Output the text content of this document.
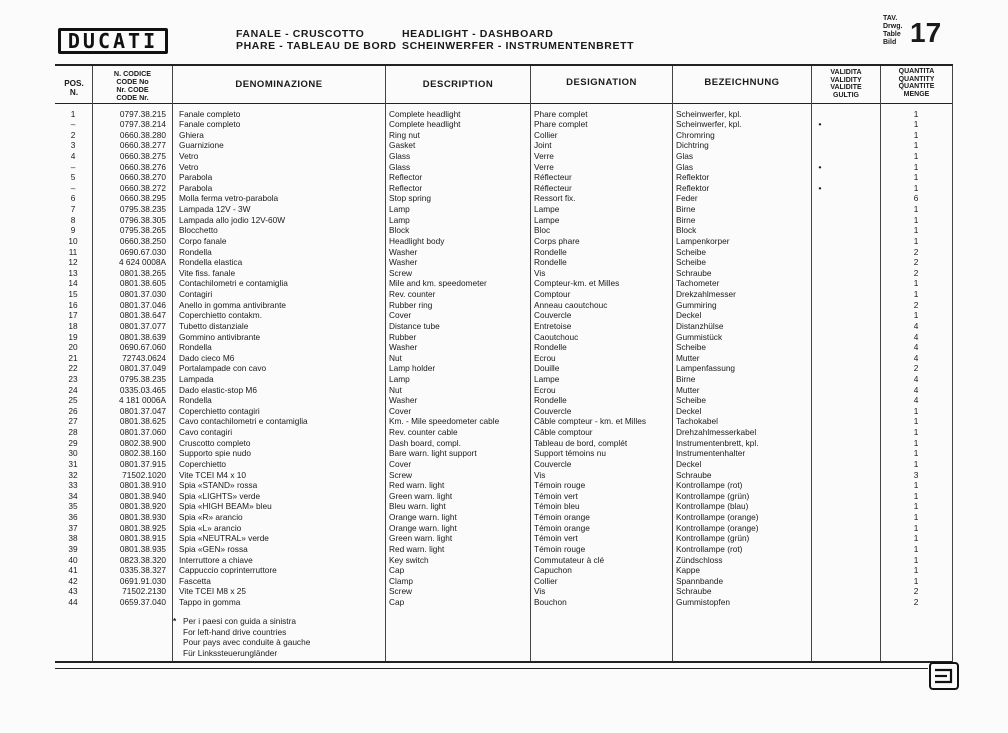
DUCATI	FANALE - CRUSCOTTO
PHARE - TABLEAU DE BORD
HEADLIGHT - DASHBOARD
SCHEINWERFER - INSTRUMENTENBRETT
TAV.
Drwg.
Table
Bild 17
POS.
N.
N. CODICE
CODE No
Nr. CODE
CODE Nr.
DENOMINAZIONE	DESCRIPTION	DESIGNATION	BEZEICHNUNG
VALIDITA
VALIDITY
VALIDITE
GULTIG
QUANTITA
QUANTITY
QUANTITE
MENGE
1	0797.38.215 Fanale completo	Complete headlight	Phare complet	Scheinwerfer, kpl.	1
–	0797.38.214 Fanale completo	Complete headlight	Phare complet	Scheinwerfer, kpl.	•	1
2	0660.38.280 Ghiera	Ring nut	Collier	Chromring	1
3	0660.38.277 Guarnizione	Gasket	Joint	Dichtring	1
4	0660.38.275 Vetro	Glass	Verre	Glas	1
–	0660.38.276 Vetro	Glass	Verre	Glas	•	1
5	0660.38.270 Parabola	Reflector	Réflecteur	Reflektor	1
–	0660.38.272 Parabola	Reflector	Réflecteur	Reflektor	•	1
6	0660.38.295 Molla ferma vetro-parabola	Stop spring	Ressort fix.	Feder	6
7	0795.38.235 Lampada 12V - 3W	Lamp	Lampe	Birne	1
8	0796.38.305 Lampada allo jodio 12V-60W	Lamp	Lampe	Birne	1
9	0795.38.265 Blocchetto	Block	Bloc	Block	1
10	0660.38.250 Corpo fanale	Headlight body	Corps phare	Lampenkorper	1
11	0690.67.030 Rondella	Washer	Rondelle	Scheibe	2
12	4 624 0008A Rondella elastica	Washer	Rondelle	Scheibe	2
13	0801.38.265 Vite fiss. fanale	Screw	Vis	Schraube	2
14	0801.38.605 Contachilometri e contamiglia	Mile and km. speedometer	Compteur-km. et Milles	Tachometer	1
15	0801.37.030 Contagiri	Rev. counter	Comptour	Drekzahlmesser	1
16	0801.37.046 Anello in gomma antivibrante	Rubber ring	Anneau caoutchouc	Gummiring	2
17	0801.38.647 Coperchietto contakm.	Cover	Couvercle	Deckel	1
18	0801.37.077 Tubetto distanziale	Distance tube	Entretoise	Distanzhülse	4
19	0801.38.639 Gommino antivibrante	Rubber	Caoutchouc	Gummistück	4
20	0690.67.060 Rondella	Washer	Rondelle	Scheibe	4
21	72743.0624 Dado cieco M6	Nut	Ecrou	Mutter	4
22	0801.37.049 Portalampade con cavo	Lamp holder	Douille	Lampenfassung	2
23	0795.38.235 Lampada	Lamp	Lampe	Birne	4
24	0335.03.465 Dado elastic-stop M6	Nut	Ecrou	Mutter	4
25	4 181 0006A Rondella	Washer	Rondelle	Scheibe	4
26	0801.37.047 Coperchietto contagiri	Cover	Couvercle	Deckel	1
27	0801.38.625 Cavo contachilometri e contamiglia	Km. - Mile speedometer cable	Câble compteur - km. et Milles	Tachokabel	1
28	0801.37.060 Cavo contagiri	Rev. counter cable	Câble comptour	Drehzahlmesserkabel	1
29	0802.38.900 Cruscotto completo	Dash board, compl.	Tableau de bord, complét	Instrumentenbrett, kpl.	1
30	0802.38.160 Supporto spie nudo	Bare warn. light support	Support témoins nu	Instrumentenhalter	1
31	0801.37.915 Coperchietto	Cover	Couvercle	Deckel	1
32	71502.1020 Vite TCEI M4 x 10	Screw	Vis	Schraube	3
33	0801.38.910 Spia «STAND» rossa	Red warn. light	Témoin rouge	Kontrollampe (rot)	1
34	0801.38.940 Spia «LIGHTS» verde	Green warn. light	Témoin vert	Kontrollampe (grün)	1
35	0801.38.920 Spia «HIGH BEAM» bleu	Bleu warn. light	Témoin bleu	Kontrollampe (blau)	1
36	0801.38.930 Spia «R» arancio	Orange warn. light	Témoin orange	Kontrollampe (orange)	1
37	0801.38.925 Spia «L» arancio	Orange warn. light	Témoin orange	Kontrollampe (orange)	1
38	0801.38.915 Spia «NEUTRAL» verde	Green warn. light	Témoin vert	Kontrollampe (grün)	1
39	0801.38.935 Spia «GEN» rossa	Red warn. light	Témoin rouge	Kontrollampe (rot)	1
40	0823.38.320 Interruttore a chiave	Key switch	Commutateur à clé	Zündschloss	1
41	0335.38.327 Cappuccio coprinterruttore	Cap	Capuchon	Kappe	1
42	0691.91.030 Fascetta	Clamp	Collier	Spannbande	1
43	71502.2130 Vite TCEI M8 x 25	Screw	Vis	Schraube	2
44	0659.37.040 Tappo in gomma	Cap	Bouchon	Gummistopfen	2
* Per i paesi con guida a sinistra
For left-hand drive countries
Pour pays avec conduite à gauche
Für Linkssteuerungländer
